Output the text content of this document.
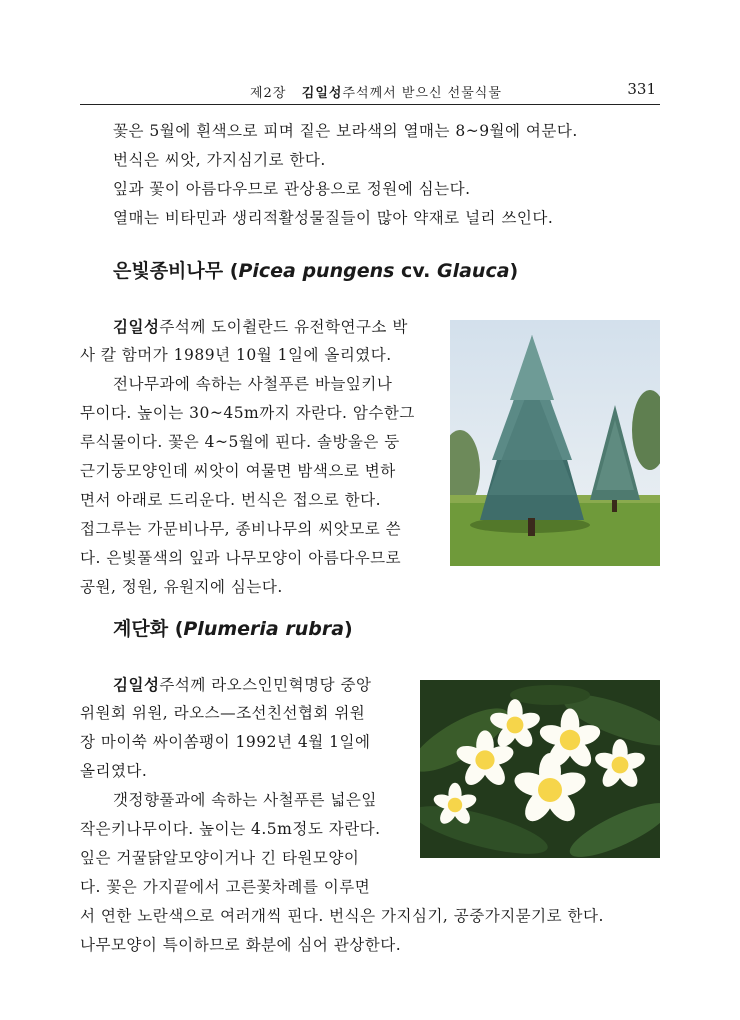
제2장 김일성주석께서 받으신 선물식물	331

꽃은 5월에 흰색으로 피며 짙은 보라색의 열매는 8~9월에 여문다.

번식은 씨앗, 가지심기로 한다.

잎과 꽃이 아름다우므로 관상용으로 정원에 심는다.

열매는 비타민과 생리적활성물질들이 많아 약재로 널리 쓰인다.

은빛종비나무 (Picea pungens cv. Glauca)

김일성주석께 도이췰란드 유전학연구소 박

사 칼 함머가 1989년 10월 1일에 올리였다.

전나무과에 속하는 사철푸른 바늘잎키나

무이다. 높이는 30~45m까지 자란다. 암수한그

루식물이다. 꽃은 4~5월에 핀다. 솔방울은 둥

근기둥모양인데 씨앗이 여물면 밤색으로 변하

면서 아래로 드리운다. 번식은 접으로 한다.

접그루는 가문비나무, 종비나무의 씨앗모로 쓴

다. 은빛풀색의 잎과 나무모양이 아름다우므로

공원, 정원, 유원지에 심는다.

계단화 (Plumeria rubra)

김일성주석께 라오스인민혁명당 중앙

위원회 위원, 라오스—조선친선협회 위원

장 마이쑥 싸이쏨팽이 1992년 4월 1일에

올리였다.

갯정향풀과에 속하는 사철푸른 넓은잎

작은키나무이다. 높이는 4.5m정도 자란다.

잎은 거꿀닭알모양이거나 긴 타원모양이

다. 꽃은 가지끝에서 고른꽃차례를 이루면

서 연한 노란색으로 여러개씩 핀다. 번식은 가지심기, 공중가지묻기로 한다.

나무모양이 특이하므로 화분에 심어 관상한다.
